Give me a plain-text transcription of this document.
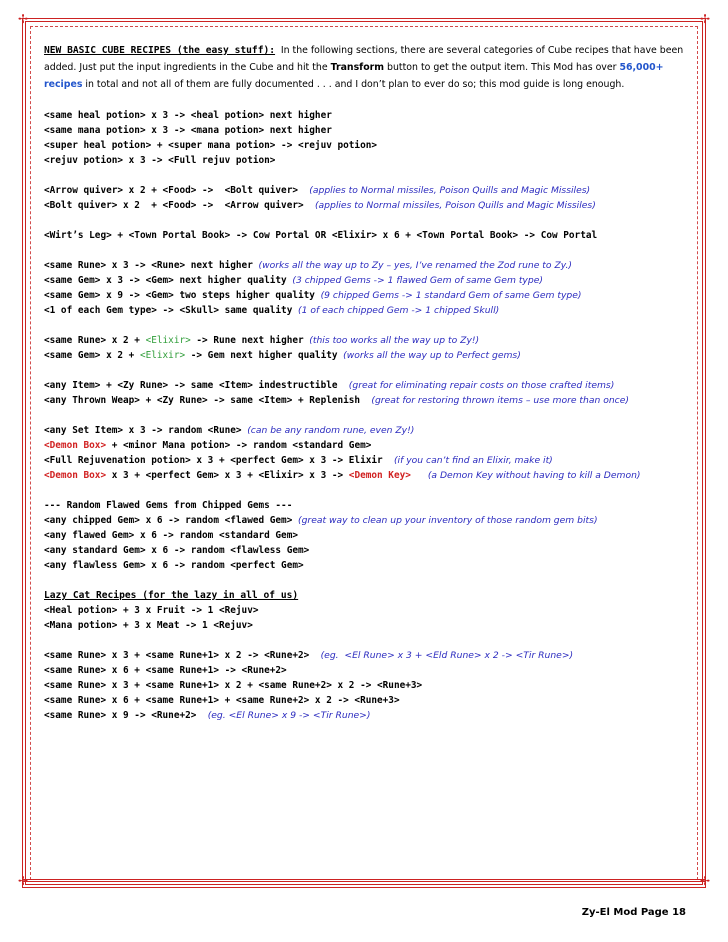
✢	✢
✢	✢
NEW BASIC CUBE RECIPES (the easy stuff): In the following sections, there are several categories of Cube recipes that have been added. Just put the input ingredients in the Cube and hit the Transform button to get the output item. This Mod has over 56,000+ recipes in total and not all of them are fully documented . . . and I don’t plan to ever do so; this mod guide is long enough.
<same heal potion> x 3 -> <heal potion> next higher
<same mana potion> x 3 -> <mana potion> next higher
<super heal potion> + <super mana potion> -> <rejuv potion>
<rejuv potion> x 3 -> <Full rejuv potion>
<Arrow quiver> x 2 + <Food> ->  <Bolt quiver>  (applies to Normal missiles, Poison Quills and Magic Missiles)
<Bolt quiver> x 2  + <Food> ->  <Arrow quiver>  (applies to Normal missiles, Poison Quills and Magic Missiles)
<Wirt’s Leg> + <Town Portal Book> -> Cow Portal OR <Elixir> x 6 + <Town Portal Book> -> Cow Portal
<same Rune> x 3 -> <Rune> next higher (works all the way up to Zy – yes, I’ve renamed the Zod rune to Zy.)
<same Gem> x 3 -> <Gem> next higher quality (3 chipped Gems -> 1 flawed Gem of same Gem type)
<same Gem> x 9 -> <Gem> two steps higher quality (9 chipped Gems -> 1 standard Gem of same Gem type)
<1 of each Gem type> -> <Skull> same quality (1 of each chipped Gem -> 1 chipped Skull)
<same Rune> x 2 + <Elixir> -> Rune next higher (this too works all the way up to Zy!)
<same Gem> x 2 + <Elixir> -> Gem next higher quality (works all the way up to Perfect gems)
<any Item> + <Zy Rune> -> same <Item> indestructible  (great for eliminating repair costs on those crafted items)
<any Thrown Weap> + <Zy Rune> -> same <Item> + Replenish  (great for restoring thrown items – use more than once)
<any Set Item> x 3 -> random <Rune> (can be any random rune, even Zy!)
<Demon Box> + <minor Mana potion> -> random <standard Gem>
<Full Rejuvenation potion> x 3 + <perfect Gem> x 3 -> Elixir  (if you can’t find an Elixir, make it)
<Demon Box> x 3 + <perfect Gem> x 3 + <Elixir> x 3 -> <Demon Key> (a Demon Key without having to kill a Demon)
--- Random Flawed Gems from Chipped Gems ---
<any chipped Gem> x 6 -> random <flawed Gem> (great way to clean up your inventory of those random gem bits)
<any flawed Gem> x 6 -> random <standard Gem>
<any standard Gem> x 6 -> random <flawless Gem>
<any flawless Gem> x 6 -> random <perfect Gem>
Lazy Cat Recipes (for the lazy in all of us)
<Heal potion> + 3 x Fruit -> 1 <Rejuv>
<Mana potion> + 3 x Meat -> 1 <Rejuv>
<same Rune> x 3 + <same Rune+1> x 2 -> <Rune+2>  (eg.  <El Rune> x 3 + <Eld Rune> x 2 -> <Tir Rune>)
<same Rune> x 6 + <same Rune+1> -> <Rune+2>
<same Rune> x 3 + <same Rune+1> x 2 + <same Rune+2> x 2 -> <Rune+3>
<same Rune> x 6 + <same Rune+1> + <same Rune+2> x 2 -> <Rune+3>
<same Rune> x 9 -> <Rune+2>  (eg. <El Rune> x 9 -> <Tir Rune>)
Zy-El Mod Page 18
